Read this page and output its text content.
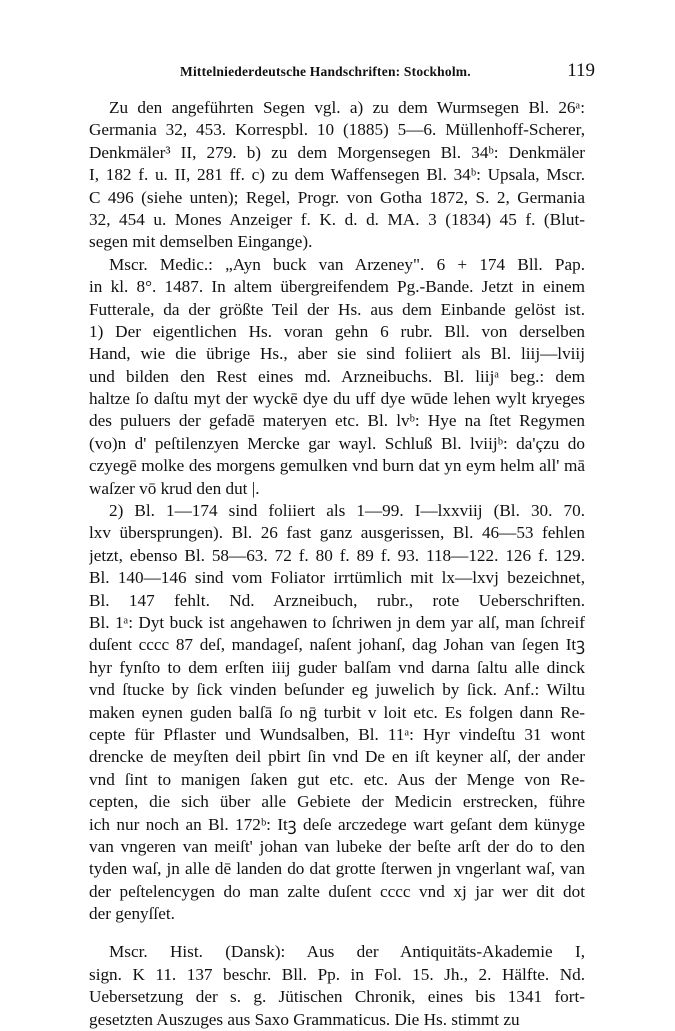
Mittelniederdeutsche Handschriften: Stockholm.	119
Zu den angeführten Segen vgl. a) zu dem Wurmsegen Bl. 26ᵃ:
Germania 32, 453. Korrespbl. 10 (1885) 5—6. Müllenhoff-Scherer,
Denkmäler³ II, 279. b) zu dem Morgensegen Bl. 34ᵇ: Denkmäler
I, 182 f. u. II, 281 ff. c) zu dem Waffensegen Bl. 34ᵇ: Upsala, Mscr.
C 496 (siehe unten); Regel, Progr. von Gotha 1872, S. 2, Germania
32, 454 u. Mones Anzeiger f. K. d. d. MA. 3 (1834) 45 f. (Blut-
segen mit demselben Eingange).
Mscr. Medic.: „Ayn buck van Arzeney". 6 + 174 Bll. Pap.
in kl. 8°. 1487. In altem übergreifendem Pg.-Bande. Jetzt in einem
Futterale, da der größte Teil der Hs. aus dem Einbande gelöst ist.
1) Der eigentlichen Hs. voran gehn 6 rubr. Bll. von derselben
Hand, wie die übrige Hs., aber sie sind foliiert als Bl. liij—lviij
und bilden den Rest eines md. Arzneibuchs. Bl. liijᵃ beg.: dem
haltze ſo daſtu myt der wyckē dye du uff dye wūde lehen wylt kryeges
des puluers der gefadē materyen etc. Bl. lvᵇ: Hye na ſtet Regymen
(vo)n d' peſtilenzyen Mercke gar wayl. Schluß Bl. lviijᵇ: da'çzu do
czyegē molke des morgens gemulken vnd burn dat yn eym helm all' mā
waſzer vō krud den dut |.
2) Bl. 1—174 sind foliiert als 1—99. I—lxxviij (Bl. 30. 70.
lxv übersprungen). Bl. 26 fast ganz ausgerissen, Bl. 46—53 fehlen
jetzt, ebenso Bl. 58—63. 72 f. 80 f. 89 f. 93. 118—122. 126 f. 129.
Bl. 140—146 sind vom Foliator irrtümlich mit lx—lxvj bezeichnet,
Bl. 147 fehlt. Nd. Arzneibuch, rubr., rote Ueberschriften.
Bl. 1ᵃ: Dyt buck ist angehawen to ſchriwen jn dem yar alſ, man ſchreif
duſent cccc 87 deſ, mandageſ, naſent johanſ, dag Johan van ſegen Itꝫ
hyr fynſto to dem erſten iiij guder balſam vnd darna ſaltu alle dinck
vnd ſtucke by ſick vinden beſunder eg juwelich by ſick. Anf.: Wiltu
maken eynen guden balſā ſo nḡ turbit v loit etc. Es folgen dann Re-
cepte für Pflaster und Wundsalben, Bl. 11ᵃ: Hyr vindeſtu 31 wont
drencke de meyſten deil pbirt ſin vnd De en iſt keyner alſ, der ander
vnd ſint to manigen ſaken gut etc. etc. Aus der Menge von Re-
cepten, die sich über alle Gebiete der Medicin erstrecken, führe
ich nur noch an Bl. 172ᵇ: Itꝫ deſe arczedege wart geſant dem künyge
van vngeren van meiſt' johan van lubeke der beſte arſt der do to den
tyden waſ, jn alle dē landen do dat grotte ſterwen jn vngerlant waſ, van
der peſtelencygen do man zalte duſent cccc vnd xj jar wer dit dot
der genyſſet.
Mscr. Hist. (Dansk): Aus der Antiquitäts-Akademie I,
sign. K 11. 137 beschr. Bll. Pp. in Fol. 15. Jh., 2. Hälfte. Nd.
Uebersetzung der s. g. Jütischen Chronik, eines bis 1341 fort-
gesetzten Auszuges aus Saxo Grammaticus. Die Hs. stimmt zu
